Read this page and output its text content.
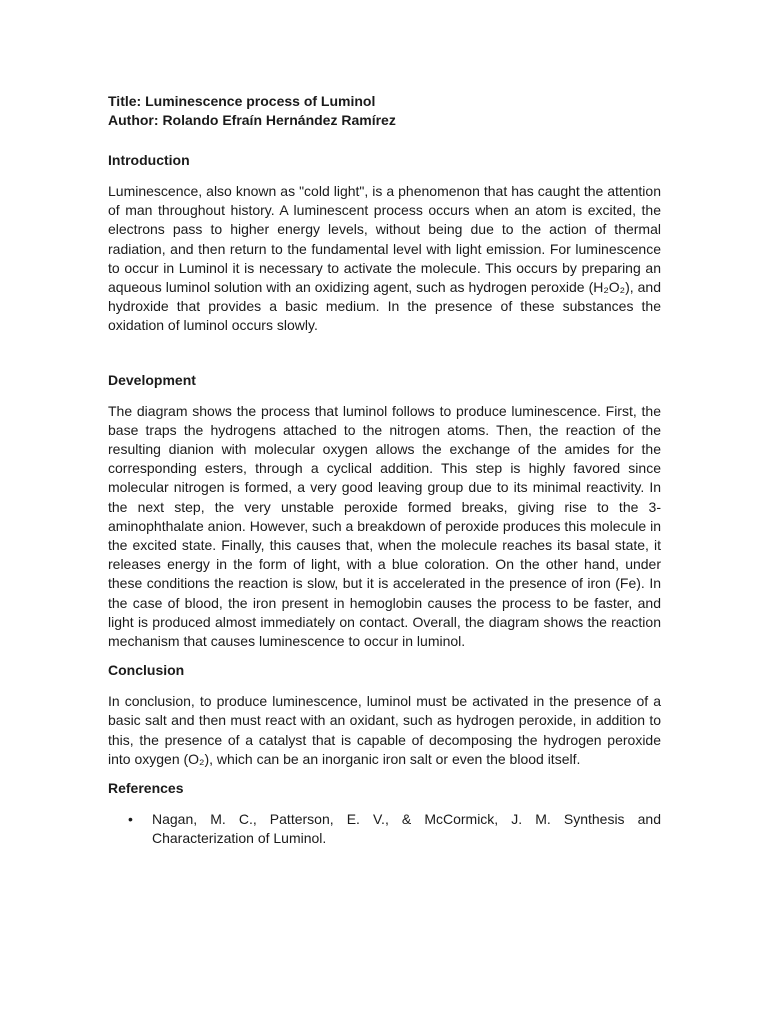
Title: Luminescence process of Luminol

Author: Rolando Efraín Hernández Ramírez

Introduction

Luminescence, also known as "cold light", is a phenomenon that has caught the attention of man throughout history. A luminescent process occurs when an atom is excited, the electrons pass to higher energy levels, without being due to the action of thermal radiation, and then return to the fundamental level with light emission. For luminescence to occur in Luminol it is necessary to activate the molecule. This occurs by preparing an aqueous luminol solution with an oxidizing agent, such as hydrogen peroxide (H₂O₂), and hydroxide that provides a basic medium. In the presence of these substances the oxidation of luminol occurs slowly.

Development

The diagram shows the process that luminol follows to produce luminescence. First, the base traps the hydrogens attached to the nitrogen atoms. Then, the reaction of the resulting dianion with molecular oxygen allows the exchange of the amides for the corresponding esters, through a cyclical addition. This step is highly favored since molecular nitrogen is formed, a very good leaving group due to its minimal reactivity. In the next step, the very unstable peroxide formed breaks, giving rise to the 3-aminophthalate anion. However, such a breakdown of peroxide produces this molecule in the excited state. Finally, this causes that, when the molecule reaches its basal state, it releases energy in the form of light, with a blue coloration. On the other hand, under these conditions the reaction is slow, but it is accelerated in the presence of iron (Fe). In the case of blood, the iron present in hemoglobin causes the process to be faster, and light is produced almost immediately on contact. Overall, the diagram shows the reaction mechanism that causes luminescence to occur in luminol.

Conclusion

In conclusion, to produce luminescence, luminol must be activated in the presence of a basic salt and then must react with an oxidant, such as hydrogen peroxide, in addition to this, the presence of a catalyst that is capable of decomposing the hydrogen peroxide into oxygen (O₂), which can be an inorganic iron salt or even the blood itself.

References

• Nagan, M. C., Patterson, E. V., & McCormick, J. M. Synthesis and Characterization of Luminol.
